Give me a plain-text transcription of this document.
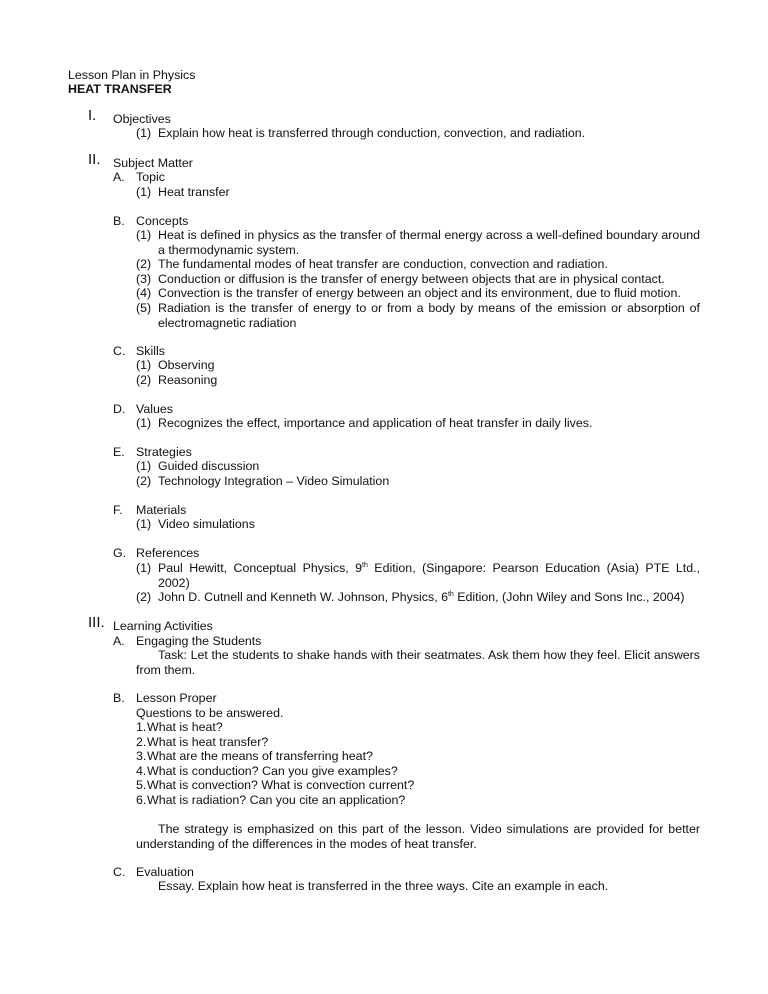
Lesson Plan in Physics
HEAT TRANSFER
I. Objectives
(1) Explain how heat is transferred through conduction, convection, and radiation.
II. Subject Matter
A. Topic
(1) Heat transfer
B. Concepts
(1) Heat is defined in physics as the transfer of thermal energy across a well-defined boundary around a thermodynamic system.
(2) The fundamental modes of heat transfer are conduction, convection and radiation.
(3) Conduction or diffusion is the transfer of energy between objects that are in physical contact.
(4) Convection is the transfer of energy between an object and its environment, due to fluid motion.
(5) Radiation is the transfer of energy to or from a body by means of the emission or absorption of electromagnetic radiation
C. Skills
(1) Observing
(2) Reasoning
D. Values
(1) Recognizes the effect, importance and application of heat transfer in daily lives.
E. Strategies
(1) Guided discussion
(2) Technology Integration – Video Simulation
F. Materials
(1) Video simulations
G. References
(1) Paul Hewitt, Conceptual Physics, 9th Edition, (Singapore: Pearson Education (Asia) PTE Ltd., 2002)
(2) John D. Cutnell and Kenneth W. Johnson, Physics, 6th Edition, (John Wiley and Sons Inc., 2004)
III. Learning Activities
A. Engaging the Students
Task: Let the students to shake hands with their seatmates. Ask them how they feel. Elicit answers from them.
B. Lesson Proper
Questions to be answered.
1. What is heat?
2. What is heat transfer?
3. What are the means of transferring heat?
4. What is conduction? Can you give examples?
5. What is convection? What is convection current?
6. What is radiation? Can you cite an application?
The strategy is emphasized on this part of the lesson. Video simulations are provided for better understanding of the differences in the modes of heat transfer.
C. Evaluation
Essay. Explain how heat is transferred in the three ways. Cite an example in each.
